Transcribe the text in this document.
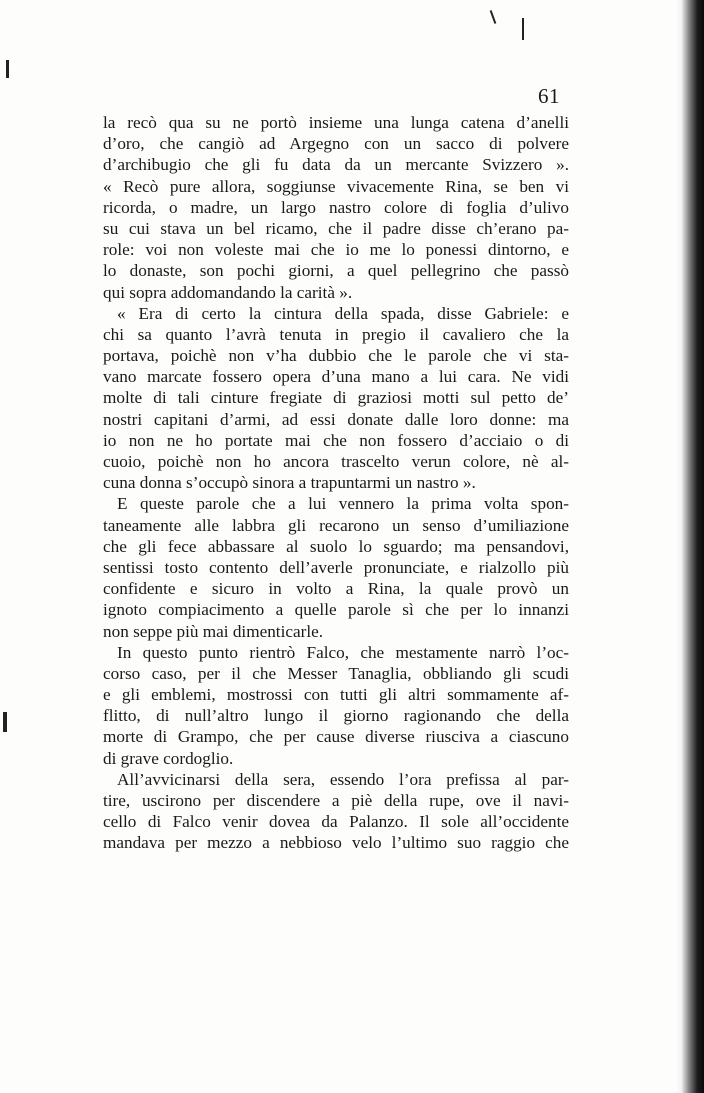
61
la recò qua su ne portò insieme una lunga catena d’anelli
d’oro, che cangiò ad Argegno con un sacco di polvere
d’archibugio che gli fu data da un mercante Svizzero ».
« Recò pure allora, soggiunse vivacemente Rina, se ben vi
ricorda, o madre, un largo nastro colore di foglia d’ulivo
su cui stava un bel ricamo, che il padre disse ch’erano pa-
role: voi non voleste mai che io me lo ponessi dintorno, e
lo donaste, son pochi giorni, a quel pellegrino che passò
qui sopra addomandando la carità ».
« Era di certo la cintura della spada, disse Gabriele: e
chi sa quanto l’avrà tenuta in pregio il cavaliero che la
portava, poichè non v’ha dubbio che le parole che vi sta-
vano marcate fossero opera d’una mano a lui cara. Ne vidi
molte di tali cinture fregiate di graziosi motti sul petto de’
nostri capitani d’armi, ad essi donate dalle loro donne: ma
io non ne ho portate mai che non fossero d’acciaio o di
cuoio, poichè non ho ancora trascelto verun colore, nè al-
cuna donna s’occupò sinora a trapuntarmi un nastro ».
E queste parole che a lui vennero la prima volta spon-
taneamente alle labbra gli recarono un senso d’umiliazione
che gli fece abbassare al suolo lo sguardo; ma pensandovi,
sentissi tosto contento dell’averle pronunciate, e rialzollo più
confidente e sicuro in volto a Rina, la quale provò un
ignoto compiacimento a quelle parole sì che per lo innanzi
non seppe più mai dimenticarle.
In questo punto rientrò Falco, che mestamente narrò l’oc-
corso caso, per il che Messer Tanaglia, obbliando gli scudi
e gli emblemi, mostrossi con tutti gli altri sommamente af-
flitto, di null’altro lungo il giorno ragionando che della
morte di Grampo, che per cause diverse riusciva a ciascuno
di grave cordoglio.
All’avvicinarsi della sera, essendo l’ora prefissa al par-
tire, uscirono per discendere a piè della rupe, ove il navi-
cello di Falco venir dovea da Palanzo. Il sole all’occidente
mandava per mezzo a nebbioso velo l’ultimo suo raggio che
